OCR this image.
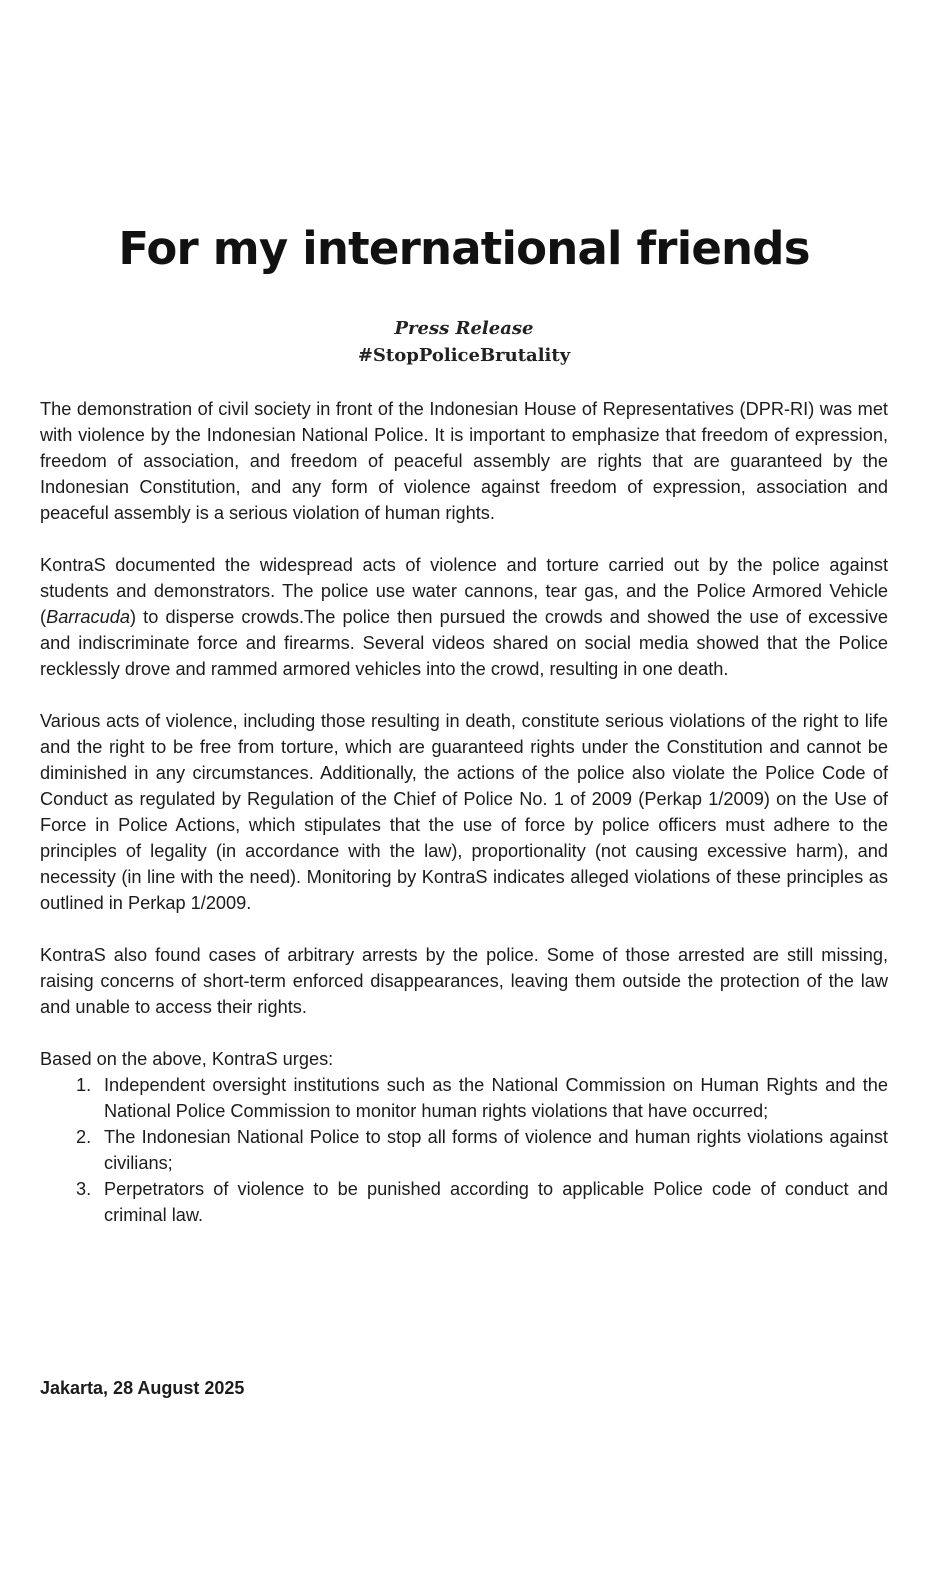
For my international friends
Press Release
#StopPoliceBrutality

The demonstration of civil society in front of the Indonesian House of Representatives (DPR-RI) was met with violence by the Indonesian National Police. It is important to emphasize that freedom of expression, freedom of association, and freedom of peaceful assembly are rights that are guaranteed by the Indonesian Constitution, and any form of violence against freedom of expression, association and peaceful assembly is a serious violation of human rights.

KontraS documented the widespread acts of violence and torture carried out by the police against students and demonstrators. The police use water cannons, tear gas, and the Police Armored Vehicle (Barracuda) to disperse crowds.The police then pursued the crowds and showed the use of excessive and indiscriminate force and firearms. Several videos shared on social media showed that the Police recklessly drove and rammed armored vehicles into the crowd, resulting in one death.

Various acts of violence, including those resulting in death, constitute serious violations of the right to life and the right to be free from torture, which are guaranteed rights under the Constitution and cannot be diminished in any circumstances. Additionally, the actions of the police also violate the Police Code of Conduct as regulated by Regulation of the Chief of Police No. 1 of 2009 (Perkap 1/2009) on the Use of Force in Police Actions, which stipulates that the use of force by police officers must adhere to the principles of legality (in accordance with the law), proportionality (not causing excessive harm), and necessity (in line with the need). Monitoring by KontraS indicates alleged violations of these principles as outlined in Perkap 1/2009.

KontraS also found cases of arbitrary arrests by the police. Some of those arrested are still missing, raising concerns of short-term enforced disappearances, leaving them outside the protection of the law and unable to access their rights.

Based on the above, KontraS urges:

1. Independent oversight institutions such as the National Commission on Human Rights and the National Police Commission to monitor human rights violations that have occurred;
2. The Indonesian National Police to stop all forms of violence and human rights violations against civilians;
3. Perpetrators of violence to be punished according to applicable Police code of conduct and criminal law.
Jakarta, 28 August 2025
